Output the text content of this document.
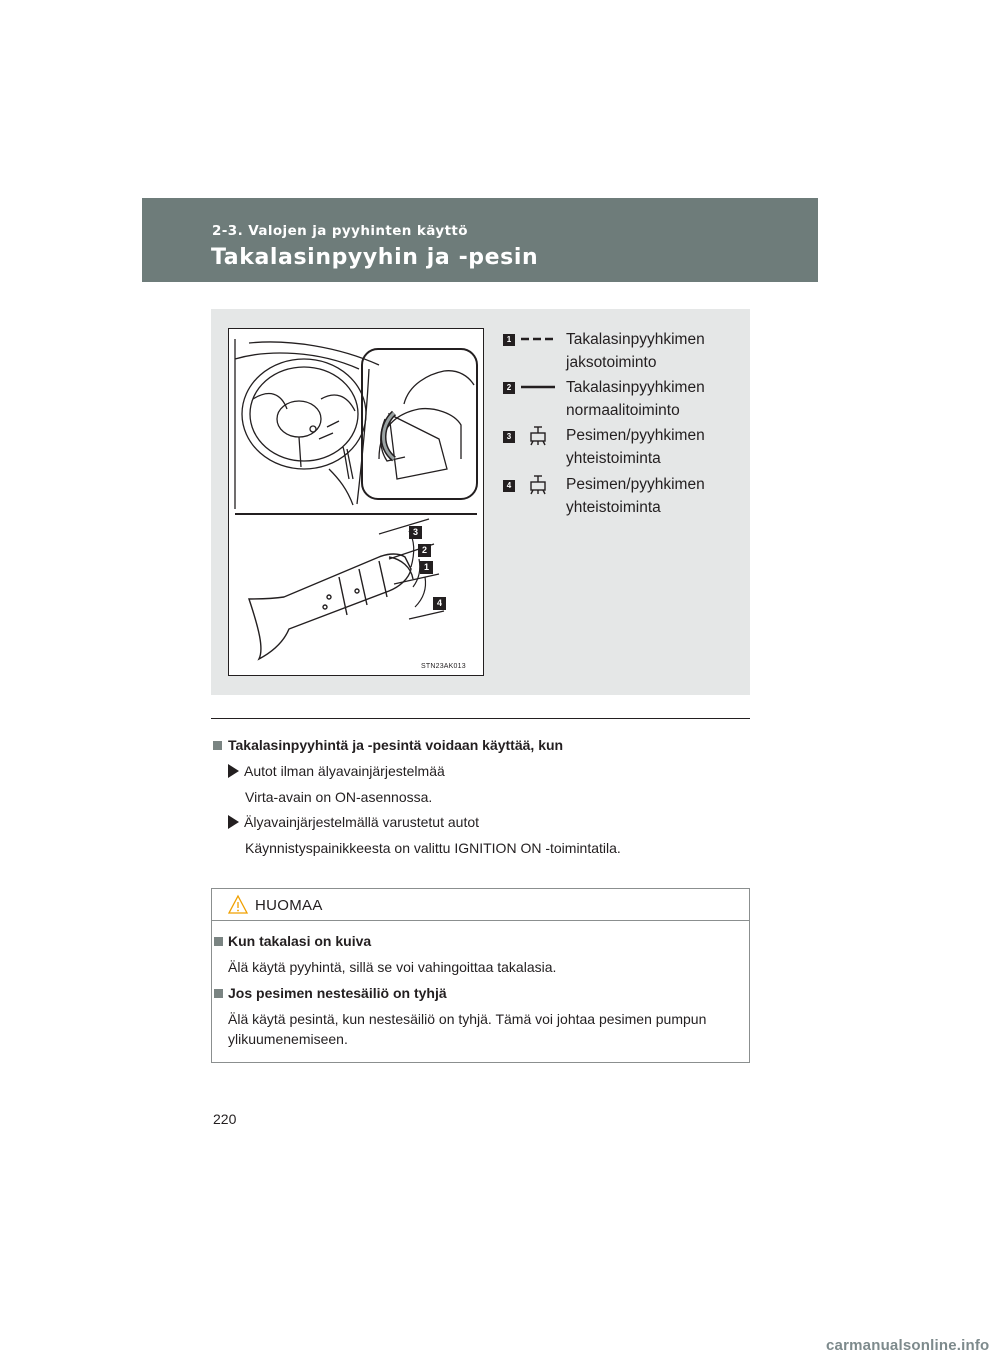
2-3. Valojen ja pyyhinten käyttö
Takalasinpyyhin ja -pesin
3
2
1
4
STN23AK013
1	Takalasinpyyhkimen
jaksotoiminto
2	Takalasinpyyhkimen
normaalitoiminto
3	Pesimen/pyyhkimen
yhteistoiminta
4	Pesimen/pyyhkimen
yhteistoiminta
Takalasinpyyhintä ja -pesintä voidaan käyttää, kun
Autot ilman älyavainjärjestelmää
Virta-avain on ON-asennossa.
Älyavainjärjestelmällä varustetut autot
Käynnistyspainikkeesta on valittu IGNITION ON -toimintatila.
HUOMAA
Kun takalasi on kuiva
Älä käytä pyyhintä, sillä se voi vahingoittaa takalasia.
Jos pesimen nestesäiliö on tyhjä
Älä käytä pesintä, kun nestesäiliö on tyhjä. Tämä voi johtaa pesimen pumpun
ylikuumenemiseen.
220
carmanualsonline.info
